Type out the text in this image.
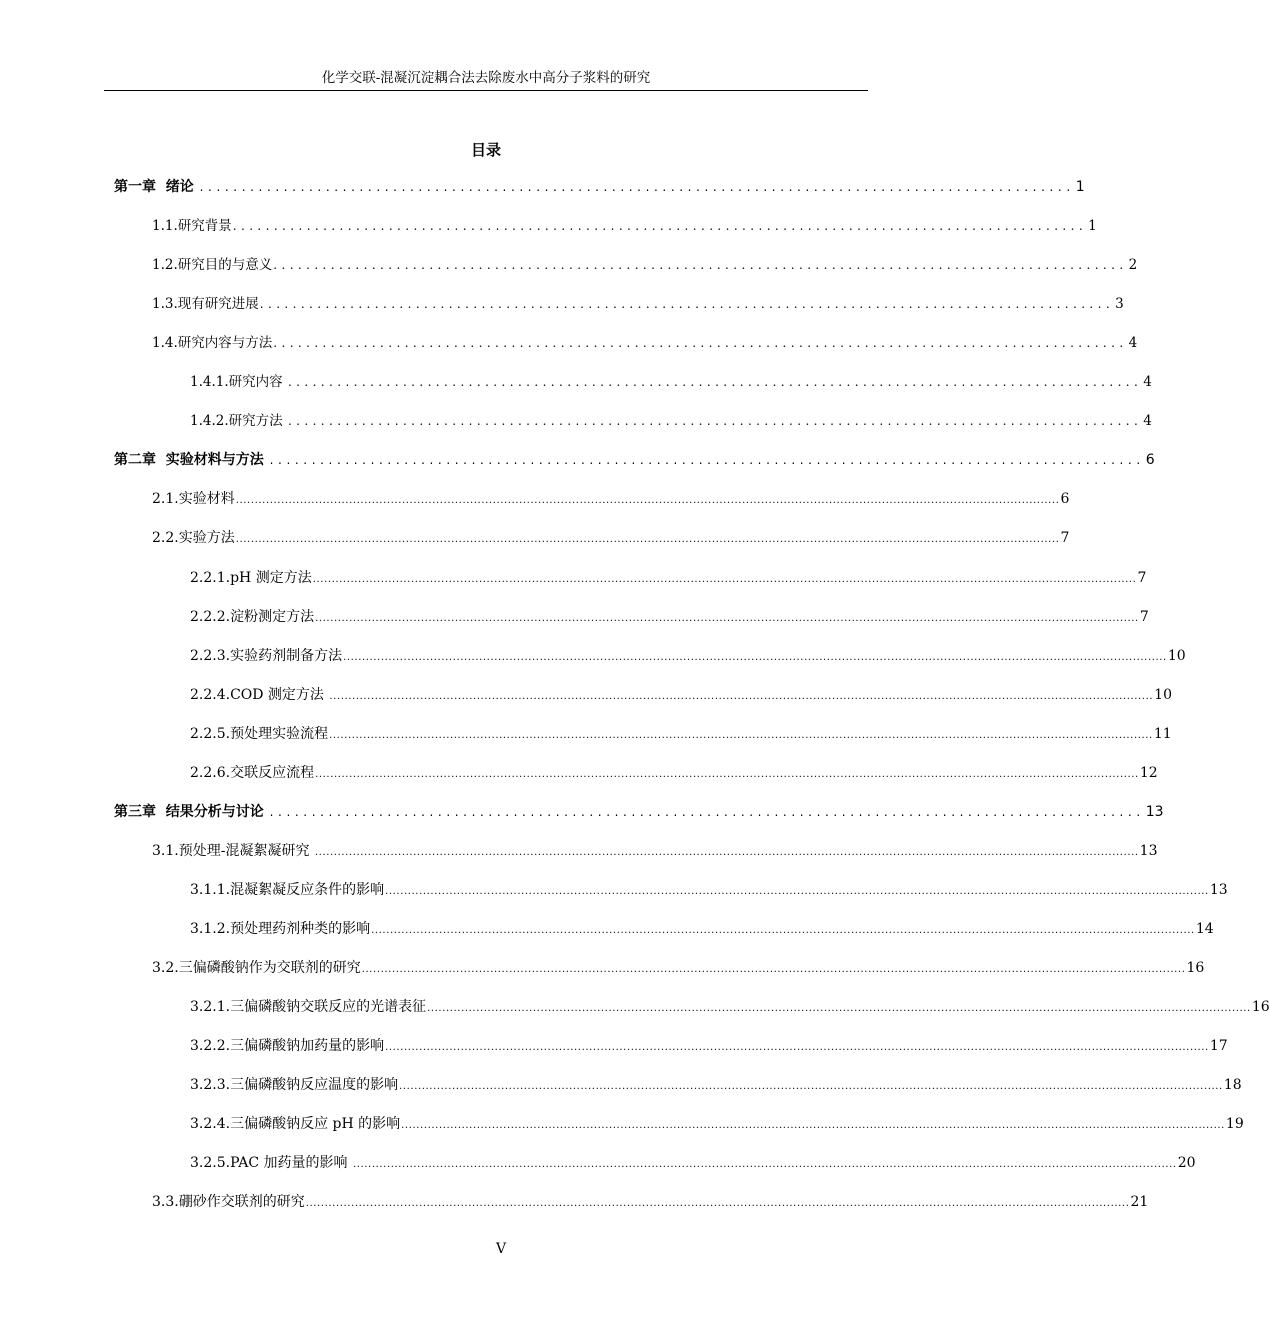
化学交联-混凝沉淀耦合法去除废水中高分子浆料的研究
目录
第一章  绪论 ........................................................................................................ 1
1.1.研究背景 ........................................................................................................ 1
1.2.研究目的与意义 ........................................................................................................ 2
1.3.现有研究进展 ........................................................................................................ 3
1.4.研究内容与方法 ........................................................................................................ 4
1.4.1.研究内容 ........................................................................................................ 4
1.4.2.研究方法 ........................................................................................................ 4
第二章  实验材料与方法 ........................................................................................................ 6
2.1.实验材料 .......................................................................................................................................................................................................................... 6
2.2.实验方法 .......................................................................................................................................................................................................................... 7
2.2.1.pH 测定方法 .......................................................................................................................................................................................................................... 7
2.2.2.淀粉测定方法 .......................................................................................................................................................................................................................... 7
2.2.3.实验药剂制备方法 .......................................................................................................................................................................................................................... 10
2.2.4.COD 测定方法 .......................................................................................................................................................................................................................... 10
2.2.5.预处理实验流程 .......................................................................................................................................................................................................................... 11
2.2.6.交联反应流程 .......................................................................................................................................................................................................................... 12
第三章  结果分析与讨论 ........................................................................................................ 13
3.1.预处理-混凝絮凝研究 .......................................................................................................................................................................................................................... 13
3.1.1.混凝絮凝反应条件的影响 .......................................................................................................................................................................................................................... 13
3.1.2.预处理药剂种类的影响 .......................................................................................................................................................................................................................... 14
3.2.三偏磷酸钠作为交联剂的研究 .......................................................................................................................................................................................................................... 16
3.2.1.三偏磷酸钠交联反应的光谱表征 .......................................................................................................................................................................................................................... 16
3.2.2.三偏磷酸钠加药量的影响 .......................................................................................................................................................................................................................... 17
3.2.3.三偏磷酸钠反应温度的影响 .......................................................................................................................................................................................................................... 18
3.2.4.三偏磷酸钠反应 pH 的影响 .......................................................................................................................................................................................................................... 19
3.2.5.PAC 加药量的影响 .......................................................................................................................................................................................................................... 20
3.3.硼砂作交联剂的研究 .......................................................................................................................................................................................................................... 21
V
